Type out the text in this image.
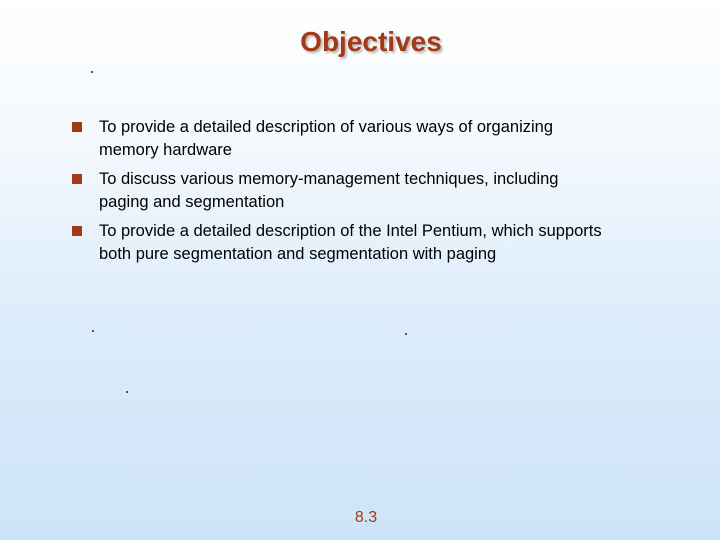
Objectives
To provide a detailed description of various ways of organizing memory hardware
To discuss various memory-management techniques, including paging and segmentation
To provide a detailed description of the Intel Pentium, which supports both pure segmentation and segmentation with paging
8.3
